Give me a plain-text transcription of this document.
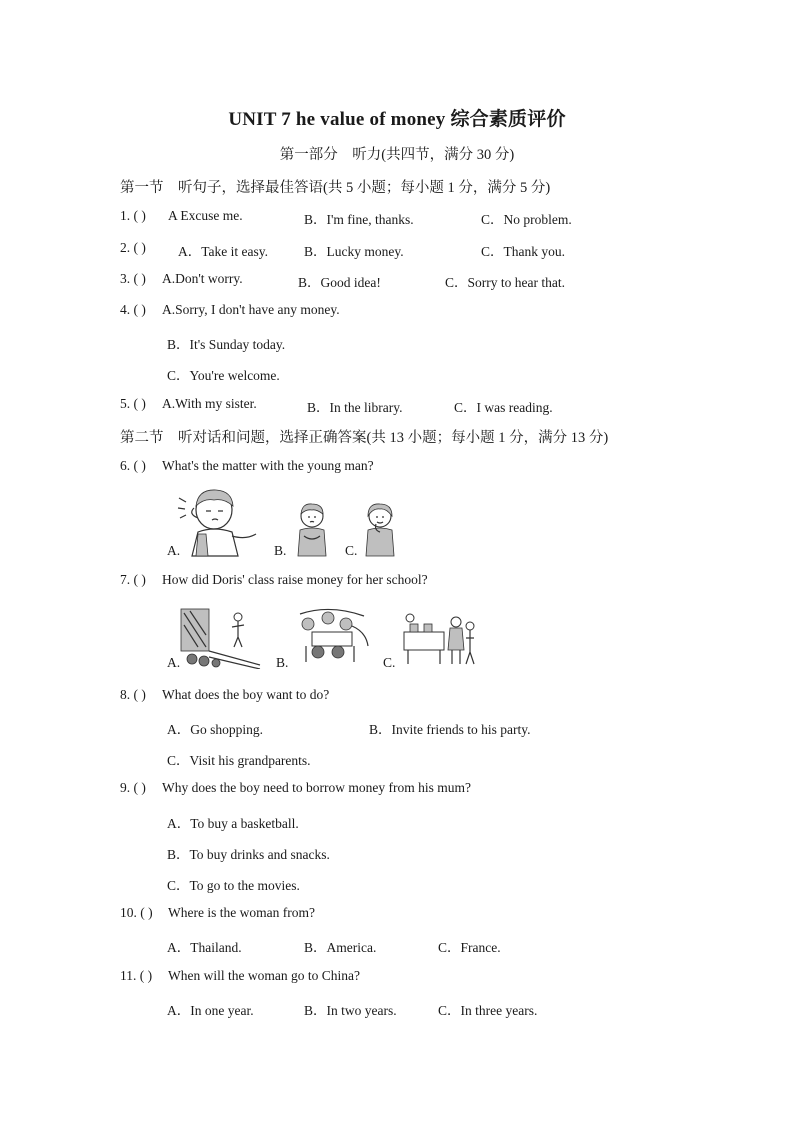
UNIT 7 he value of money 综合素质评价
第一部分　听力(共四节，满分 30 分)
第一节　听句子，选择最佳答语(共 5 小题；每小题 1 分，满分 5 分)
1. ( ) A Excuse me.	B．I'm fine, thanks.	C．No problem.
2. ( ) A．Take it easy.	B．Lucky money.	C．Thank you.
3. ( ) A.Don't worry.	B．Good idea!	C．Sorry to hear that.
4. ( ) A.Sorry, I don't have any money.
B．It's Sunday today.
C．You're welcome.
5. ( ) A.With my sister.	B．In the library.	C．I was reading.
第二节　听对话和问题，选择正确答案(共 13 小题；每小题 1 分，满分 13 分)
6. ( ) What's the matter with the young man?
A.	B.	C.
7. ( ) How did Doris' class raise money for her school?
A.	B.	C.
8. ( ) What does the boy want to do?
A．Go shopping.	B．Invite friends to his party.
C．Visit his grandparents.
9. ( ) Why does the boy need to borrow money from his mum?
A．To buy a basketball.
B．To buy drinks and snacks.
C．To go to the movies.
10. ( ) Where is the woman from?
A．Thailand.	B．America.	C．France.
11. ( ) When will the woman go to China?
A．In one year.	B．In two years.	C．In three years.
